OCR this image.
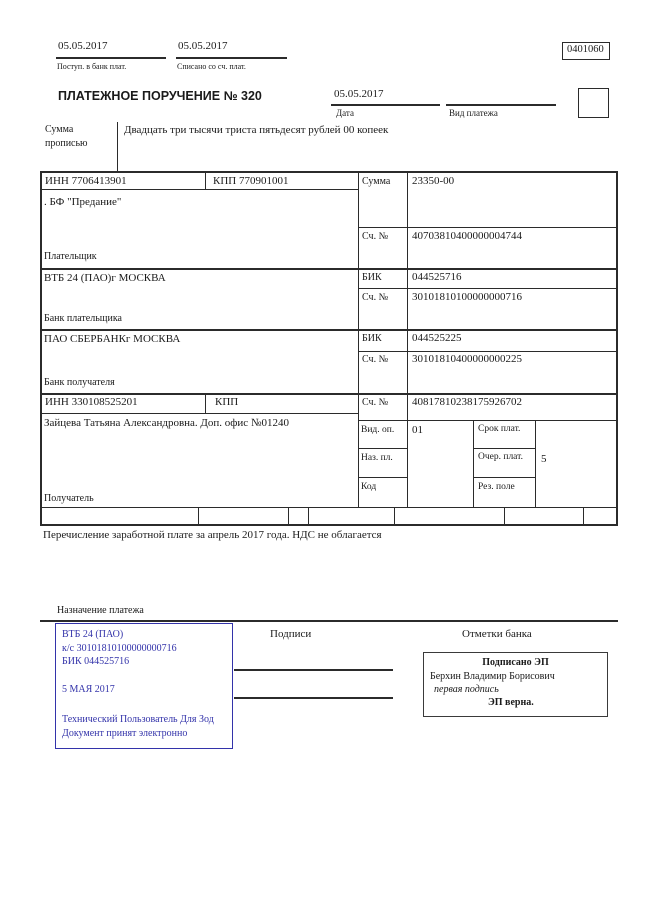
05.05.2017
Поступ. в банк плат.
05.05.2017
Списано со сч. плат.
0401060
ПЛАТЕЖНОЕ ПОРУЧЕНИЕ № 320	05.05.2017
Дата	Вид платежа
Сумма
прописью
Двадцать три тысячи триста пятьдесят рублей 00 копеек
ИНН 7706413901	КПП 770901001	Сумма 23350-00
. БФ "Предание"
Плательщик
Сч. № 40703810400000004744
ВТБ 24 (ПАО)г МОСКВА
Банк плательщика
БИК	044525716
Сч. № 30101810100000000716
ПАО СБЕРБАНКг МОСКВА
Банк получателя
БИК	044525225
Сч. № 30101810400000000225
ИНН 330108525201	КПП	Сч. № 40817810238175926702
Зайцева Татьяна Александровна. Доп. офис №01240
Получатель
Вид. оп. 01	Срок плат.
Наз. пл.	Очер. плат.	5
Код	Рез. поле
Перечисление заработной плате за апрель 2017 года. НДС не облагается
Назначение платежа
ВТБ 24 (ПАО)
к/с 30101810100000000716
БИК 044525716
5 МАЯ 2017
Технический Пользователь Для Зод
Документ принят электронно
Подписи	Отметки банка
Подписано ЭП
Берхин Владимир Борисович
первая подпись
ЭП верна.
